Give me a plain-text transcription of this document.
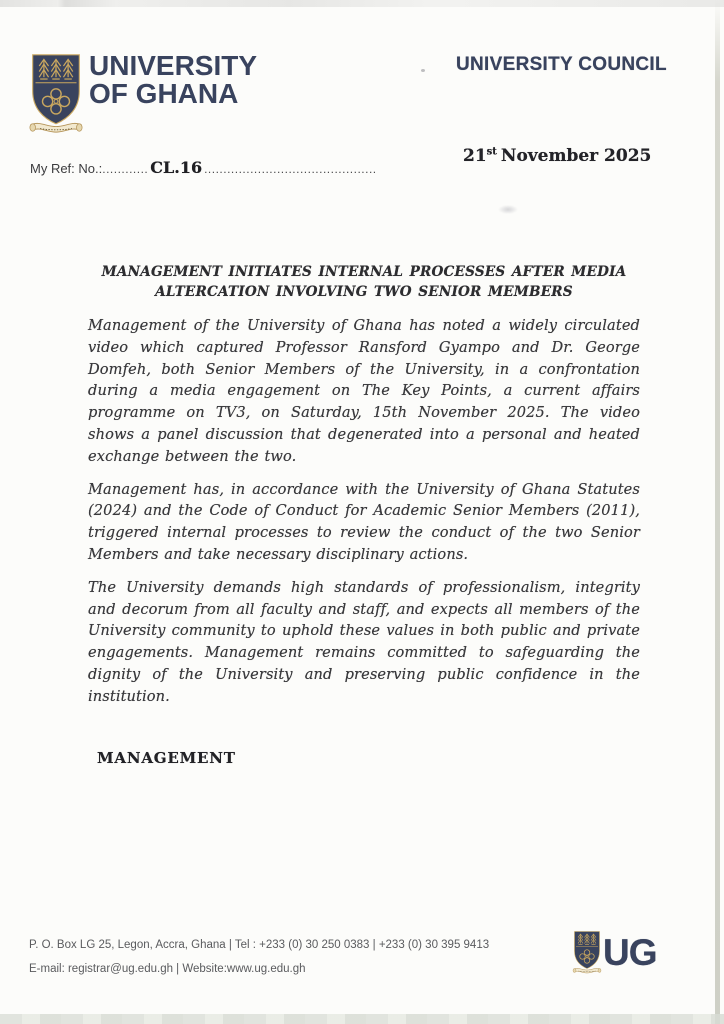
UNIVERSITY
OF GHANA
UNIVERSITY COUNCIL
My Ref: No.: ............ CL.16 .............................................
21st November 2025
MANAGEMENT INITIATES INTERNAL PROCESSES AFTER MEDIA
ALTERCATION INVOLVING TWO SENIOR MEMBERS

Management of the University of Ghana has noted a widely circulated video which captured Professor Ransford Gyampo and Dr. George Domfeh, both Senior Members of the University, in a confrontation during a media engagement on The Key Points, a current affairs programme on TV3, on Saturday, 15th November 2025. The video shows a panel discussion that degenerated into a personal and heated exchange between the two.

Management has, in accordance with the University of Ghana Statutes (2024) and the Code of Conduct for Academic Senior Members (2011), triggered internal processes to review the conduct of the two Senior Members and take necessary disciplinary actions.

The University demands high standards of professionalism, integrity and decorum from all faculty and staff, and expects all members of the University community to uphold these values in both public and private engagements. Management remains committed to safeguarding the dignity of the University and preserving public confidence in the institution.

MANAGEMENT
P. O. Box LG 25, Legon, Accra, Ghana | Tel : +233 (0) 30 250 0383 | +233 (0) 30 395 9413
E-mail: registrar@ug.edu.gh | Website:www.ug.edu.gh	UG
